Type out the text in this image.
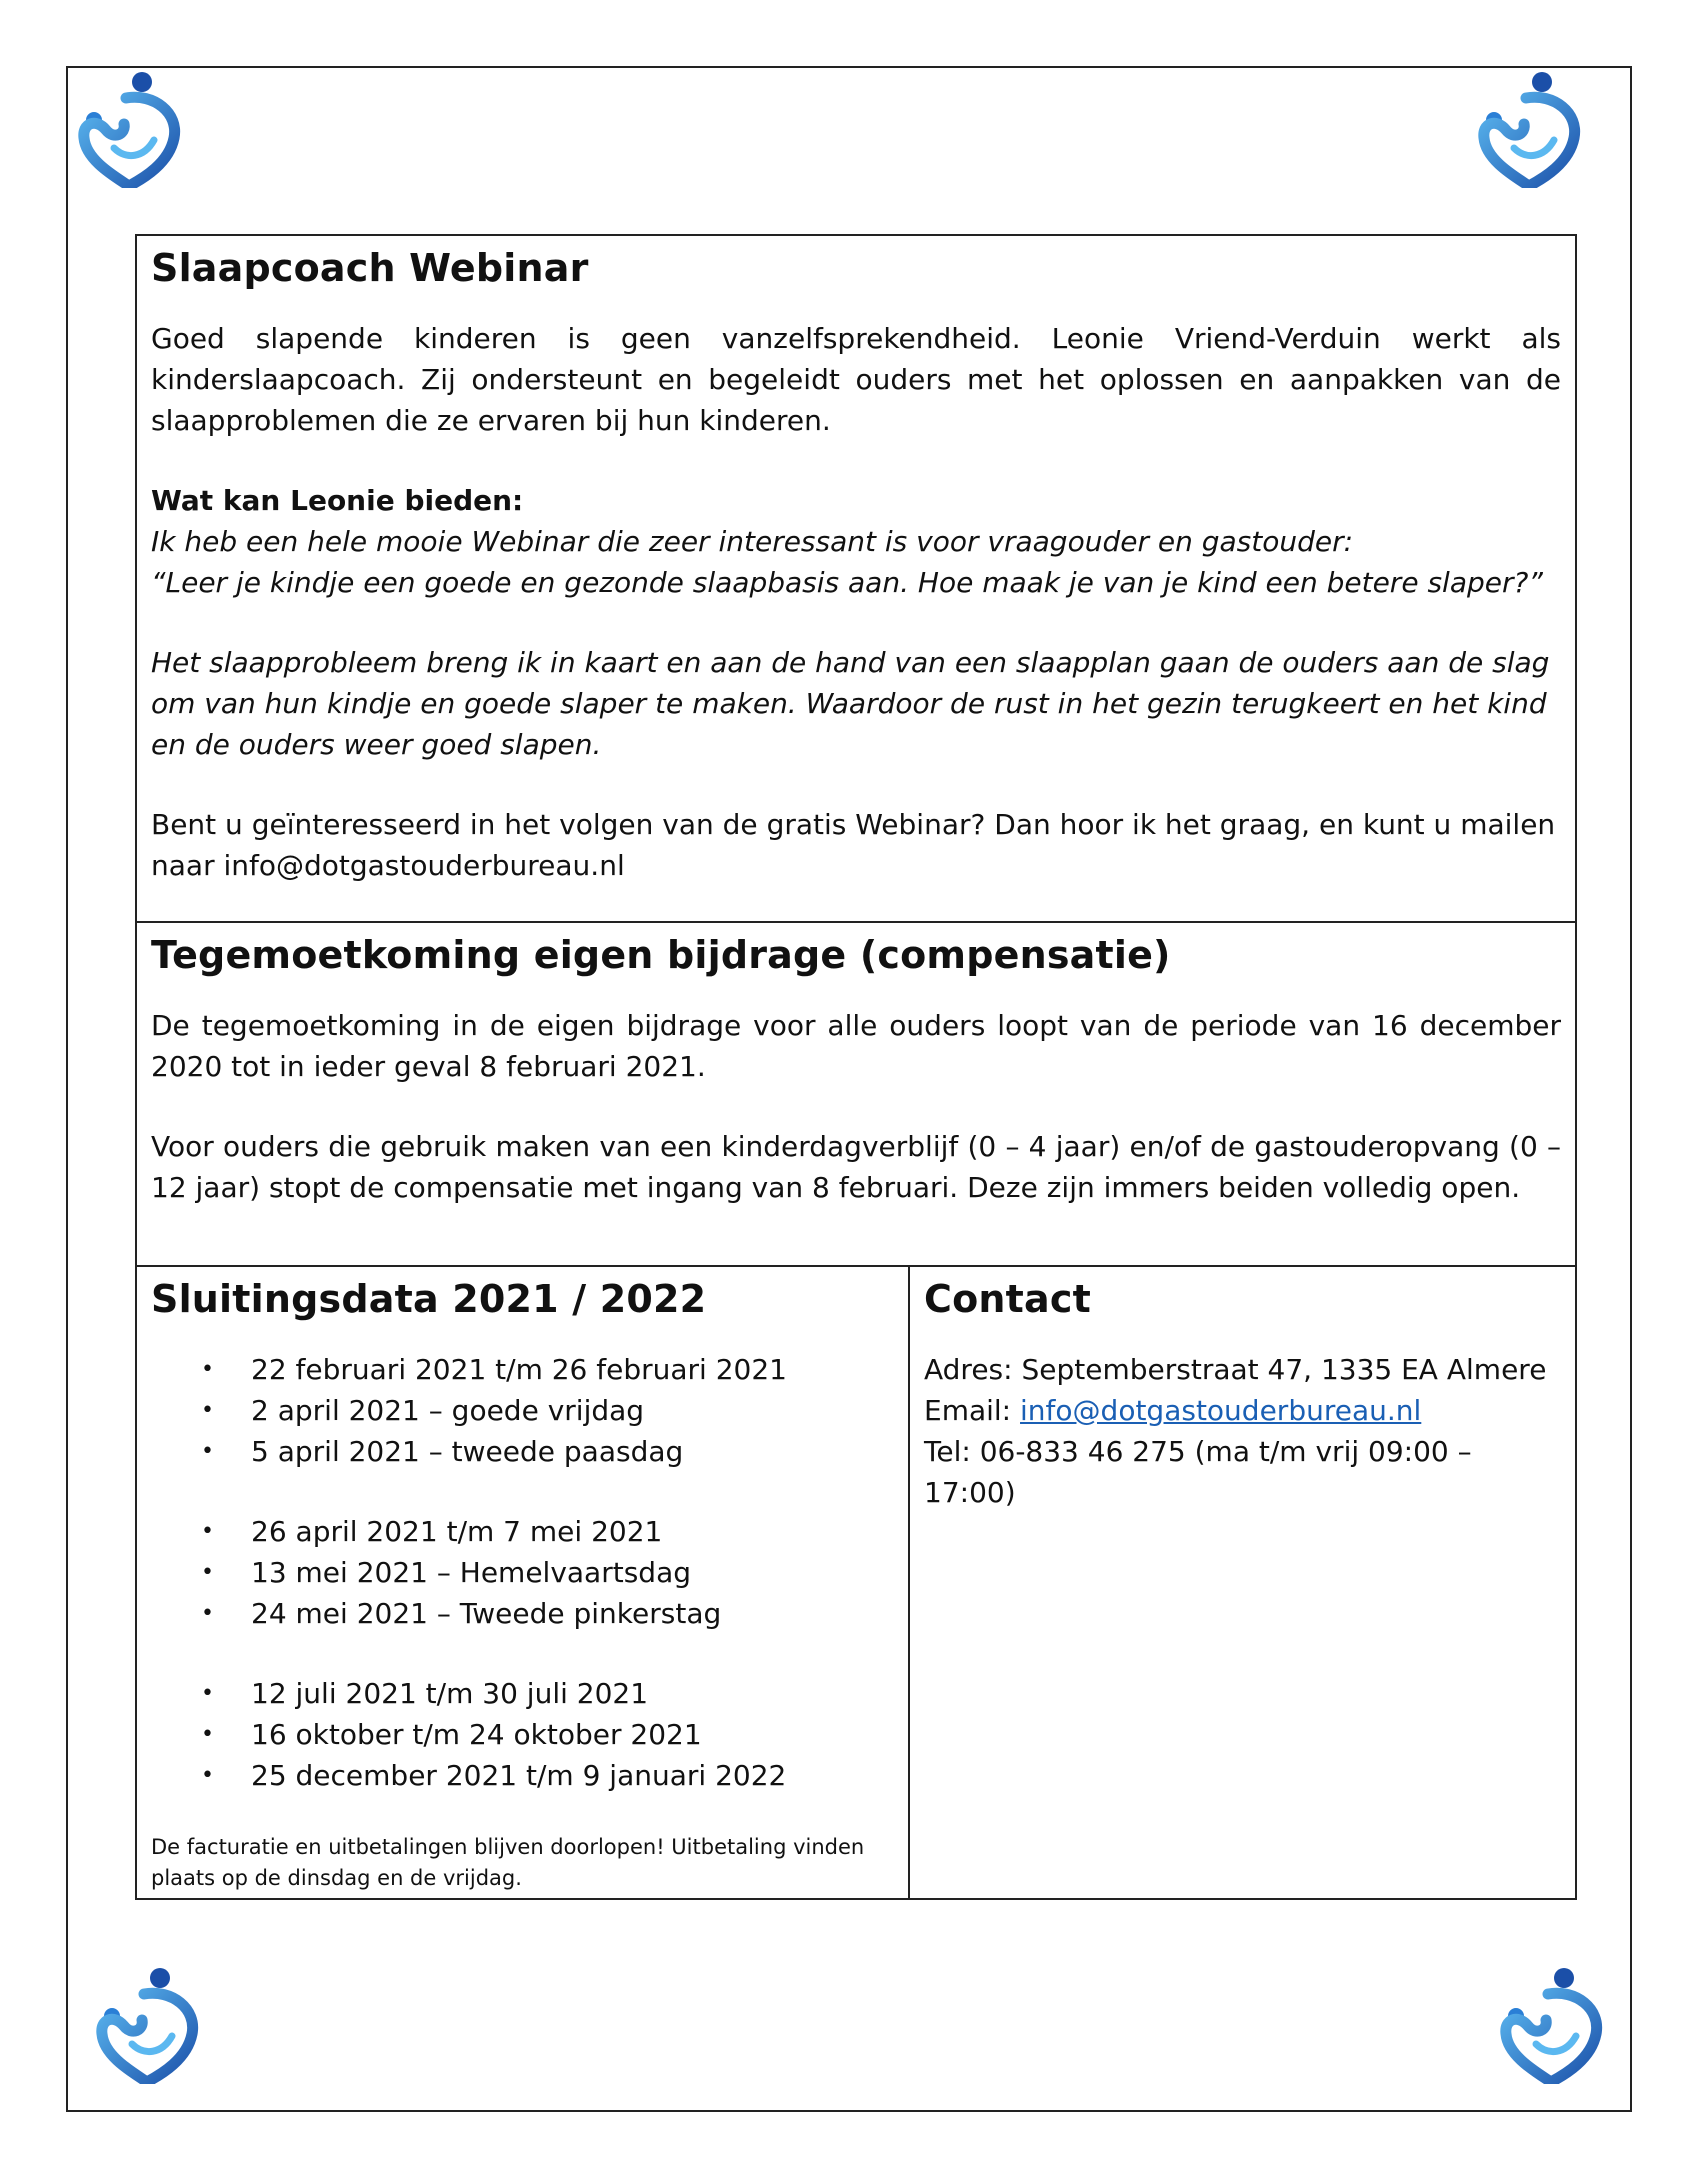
Slaapcoach Webinar

Goed slapende kinderen is geen vanzelfsprekendheid. Leonie Vriend-Verduin werkt als kinderslaapcoach. Zij ondersteunt en begeleidt ouders met het oplossen en aanpakken van de slaapproblemen die ze ervaren bij hun kinderen.

Wat kan Leonie bieden:

Ik heb een hele mooie Webinar die zeer interessant is voor vraagouder en gastouder:

“Leer je kindje een goede en gezonde slaapbasis aan. Hoe maak je van je kind een betere slaper?”

Het slaapprobleem breng ik in kaart en aan de hand van een slaapplan gaan de ouders aan de slag om van hun kindje en goede slaper te maken. Waardoor de rust in het gezin terugkeert en het kind en de ouders weer goed slapen.

Bent u geïnteresseerd in het volgen van de gratis Webinar? Dan hoor ik het graag, en kunt u mailen naar info@dotgastouderbureau.nl

Tegemoetkoming eigen bijdrage (compensatie)

De tegemoetkoming in de eigen bijdrage voor alle ouders loopt van de periode van 16 december 2020 tot in ieder geval 8 februari 2021.

Voor ouders die gebruik maken van een kinderdagverblijf (0 – 4 jaar) en/of de gastouderopvang (0 – 12 jaar) stopt de compensatie met ingang van 8 februari. Deze zijn immers beiden volledig open.

Sluitingsdata 2021 / 2022
• 22 februari 2021 t/m 26 februari 2021
• 2 april 2021 – goede vrijdag
• 5 april 2021 – tweede paasdag
• 26 april 2021 t/m 7 mei 2021
• 13 mei 2021 – Hemelvaartsdag
• 24 mei 2021 – Tweede pinkerstag
• 12 juli 2021 t/m 30 juli 2021
• 16 oktober t/m 24 oktober 2021
• 25 december 2021 t/m 9 januari 2022

De facturatie en uitbetalingen blijven doorlopen! Uitbetaling vinden plaats op de dinsdag en de vrijdag.

Contact

Adres: Septemberstraat 47, 1335 EA Almere

Email: info@dotgastouderbureau.nl

Tel: 06-833 46 275 (ma t/m vrij 09:00 – 17:00)
